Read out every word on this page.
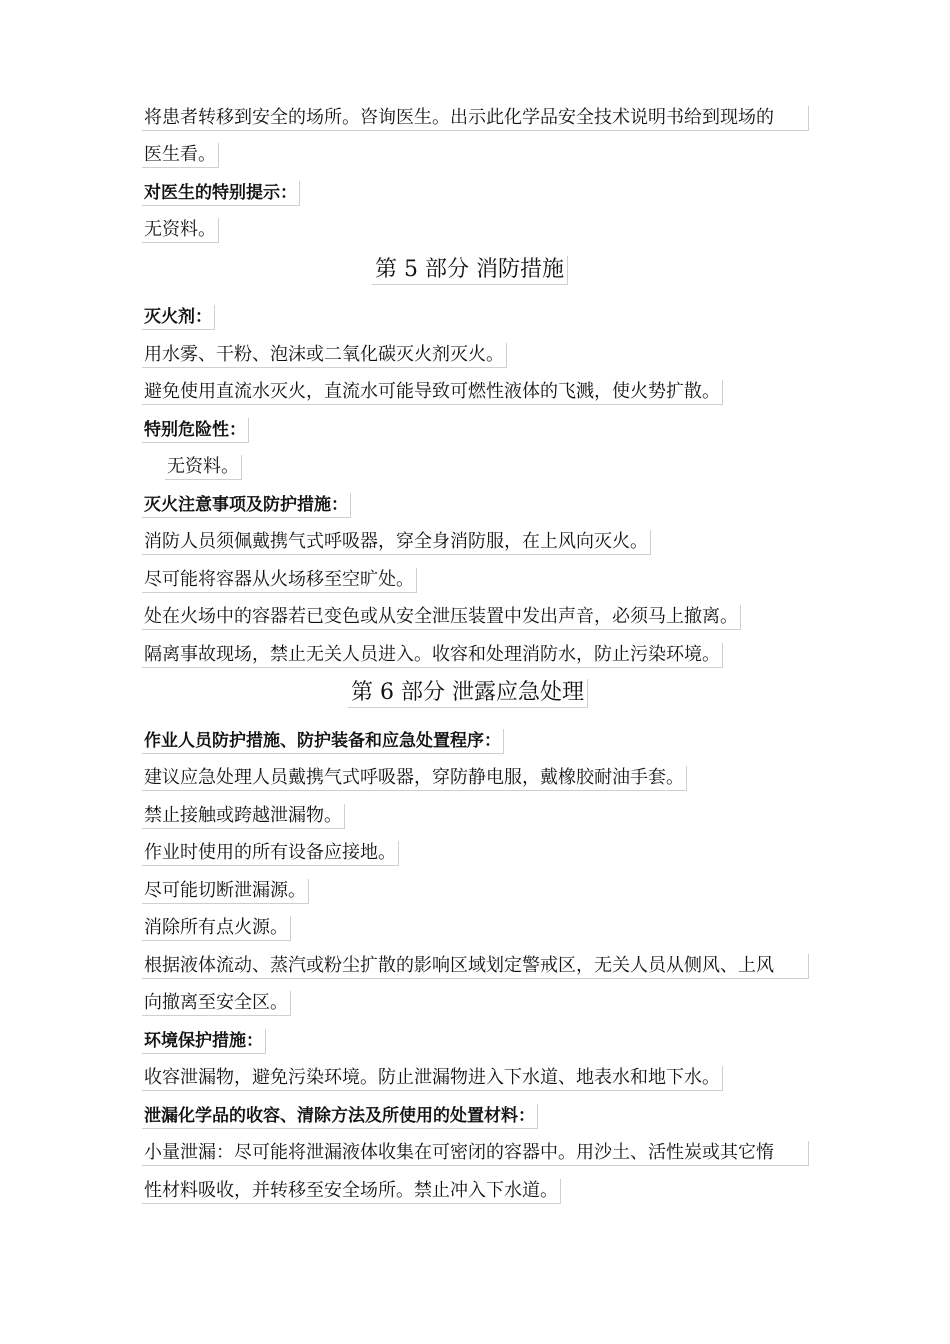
将患者转移到安全的场所。咨询医生。出示此化学品安全技术说明书给到现场的
医生看。
对医生的特别提示：
无资料。
第 5 部分 消防措施
灭火剂：
用水雾、干粉、泡沫或二氧化碳灭火剂灭火。
避免使用直流水灭火，直流水可能导致可燃性液体的飞溅，使火势扩散。
特别危险性：
无资料。
灭火注意事项及防护措施：
消防人员须佩戴携气式呼吸器，穿全身消防服，在上风向灭火。
尽可能将容器从火场移至空旷处。
处在火场中的容器若已变色或从安全泄压装置中发出声音，必须马上撤离。
隔离事故现场，禁止无关人员进入。收容和处理消防水，防止污染环境。
第 6 部分 泄露应急处理
作业人员防护措施、防护装备和应急处置程序：
建议应急处理人员戴携气式呼吸器，穿防静电服，戴橡胶耐油手套。
禁止接触或跨越泄漏物。
作业时使用的所有设备应接地。
尽可能切断泄漏源。
消除所有点火源。
根据液体流动、蒸汽或粉尘扩散的影响区域划定警戒区，无关人员从侧风、上风
向撤离至安全区。
环境保护措施：
收容泄漏物，避免污染环境。防止泄漏物进入下水道、地表水和地下水。
泄漏化学品的收容、清除方法及所使用的处置材料：
小量泄漏：尽可能将泄漏液体收集在可密闭的容器中。用沙土、活性炭或其它惰
性材料吸收，并转移至安全场所。禁止冲入下水道。
